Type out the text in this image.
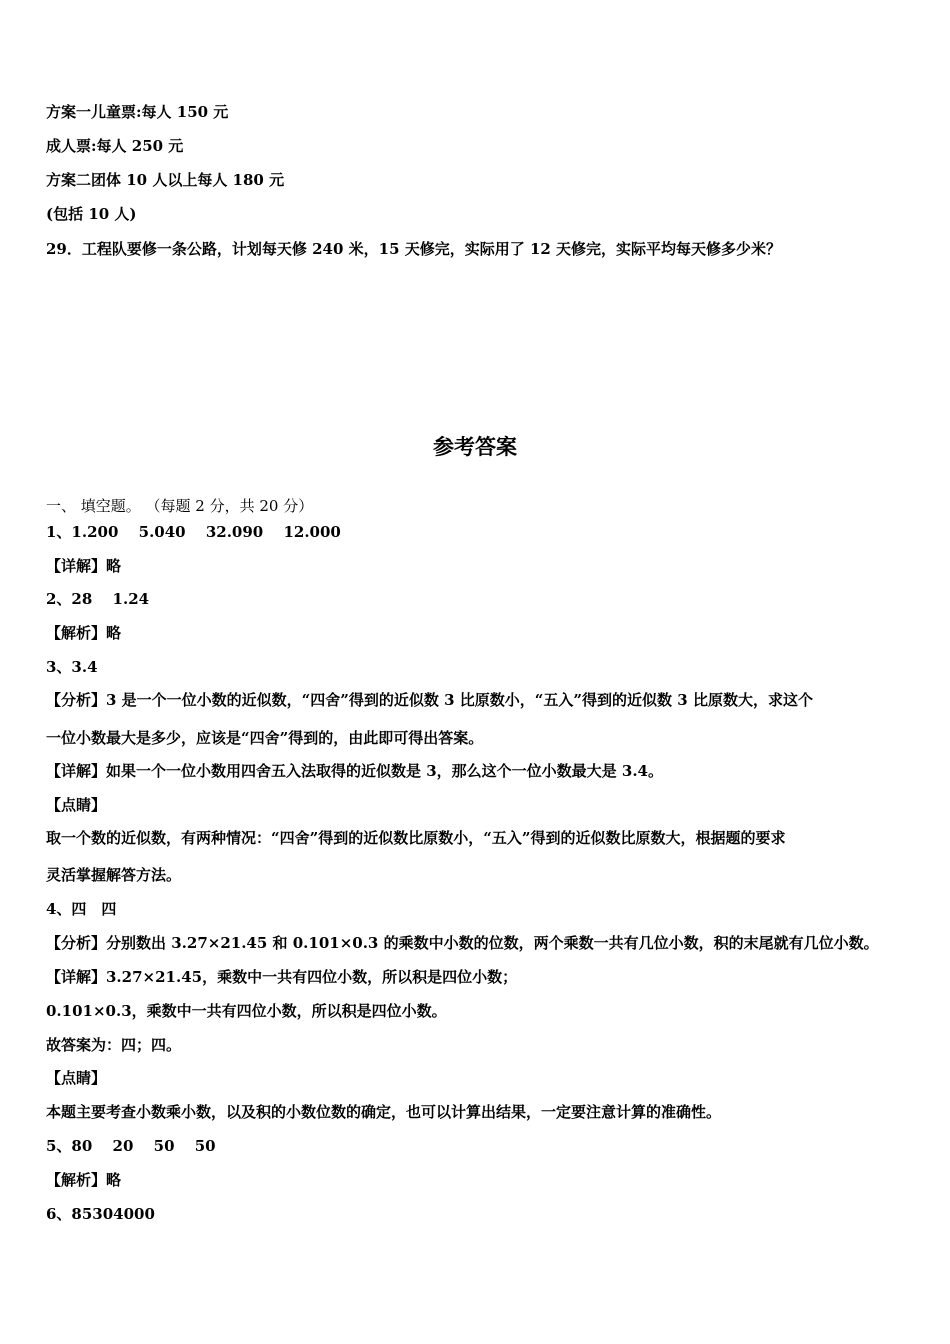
方案一儿童票:每人 150 元
成人票:每人 250 元
方案二团体 10 人以上每人 180 元
(包括 10 人)
29．工程队要修一条公路，计划每天修 240 米，15 天修完，实际用了 12 天修完，实际平均每天修多少米？
参考答案
一、 填空题。 （每题 2 分，共 20 分）
1、1.200　 5.040　 32.090　 12.000
【详解】略
2、28　 1.24
【解析】略
3、3.4
【分析】3 是一个一位小数的近似数，“四舍”得到的近似数 3 比原数小，“五入”得到的近似数 3 比原数大，求这个
一位小数最大是多少，应该是“四舍”得到的，由此即可得出答案。
【详解】如果一个一位小数用四舍五入法取得的近似数是 3，那么这个一位小数最大是 3.4。
【点睛】
取一个数的近似数，有两种情况：“四舍”得到的近似数比原数小，“五入”得到的近似数比原数大，根据题的要求
灵活掌握解答方法。
4、四　四
【分析】分别数出 3.27×21.45 和 0.101×0.3 的乘数中小数的位数，两个乘数一共有几位小数，积的末尾就有几位小数。
【详解】3.27×21.45，乘数中一共有四位小数，所以积是四位小数；
0.101×0.3，乘数中一共有四位小数，所以积是四位小数。
故答案为：四；四。
【点睛】
本题主要考查小数乘小数，以及积的小数位数的确定，也可以计算出结果，一定要注意计算的准确性。
5、80　 20　 50　 50
【解析】略
6、85304000
